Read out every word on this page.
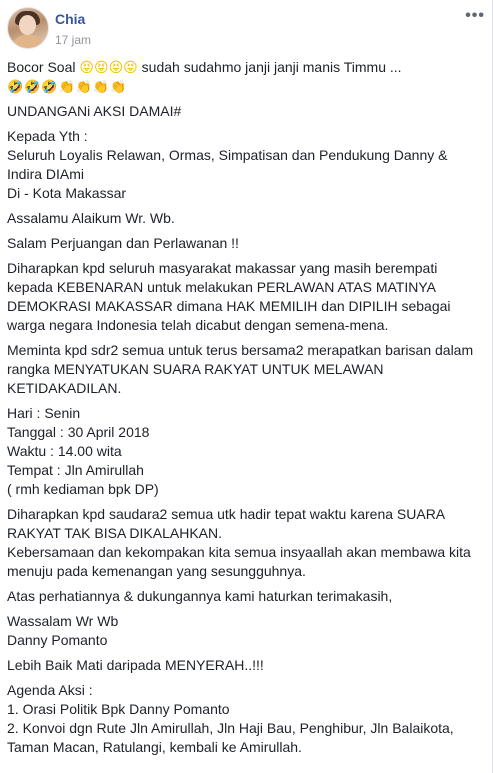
Chia
17 jam
•••

Bocor Soal 😝😝😝😝 sudah sudahmo janji janji manis Timmu ...
🤣🤣🤣👏👏👏👏

UNDANGANi AKSI DAMAI#

Kepada Yth :
Seluruh Loyalis Relawan, Ormas, Simpatisan dan Pendukung Danny &
Indira DIAmi
Di - Kota Makassar

Assalamu Alaikum Wr. Wb.

Salam Perjuangan dan Perlawanan !!

Diharapkan kpd seluruh masyarakat makassar yang masih berempati
kepada KEBENARAN untuk melakukan PERLAWAN ATAS MATINYA
DEMOKRASI MAKASSAR dimana HAK MEMILIH dan DIPILIH sebagai
warga negara Indonesia telah dicabut dengan semena-mena.

Meminta kpd sdr2 semua untuk terus bersama2 merapatkan barisan dalam
rangka MENYATUKAN SUARA RAKYAT UNTUK MELAWAN
KETIDAKADILAN.

Hari : Senin
Tanggal : 30 April 2018
Waktu : 14.00 wita
Tempat : Jln Amirullah
( rmh kediaman bpk DP)

Diharapkan kpd saudara2 semua utk hadir tepat waktu karena SUARA
RAKYAT TAK BISA DIKALAHKAN.
Kebersamaan dan kekompakan kita semua insyaallah akan membawa kita
menuju pada kemenangan yang sesungguhnya.

Atas perhatiannya & dukungannya kami haturkan terimakasih,

Wassalam Wr Wb
Danny Pomanto

Lebih Baik Mati daripada MENYERAH..!!!

Agenda Aksi :
1. Orasi Politik Bpk Danny Pomanto
2. Konvoi dgn Rute Jln Amirullah, Jln Haji Bau, Penghibur, Jln Balaikota,
Taman Macan, Ratulangi, kembali ke Amirullah.
